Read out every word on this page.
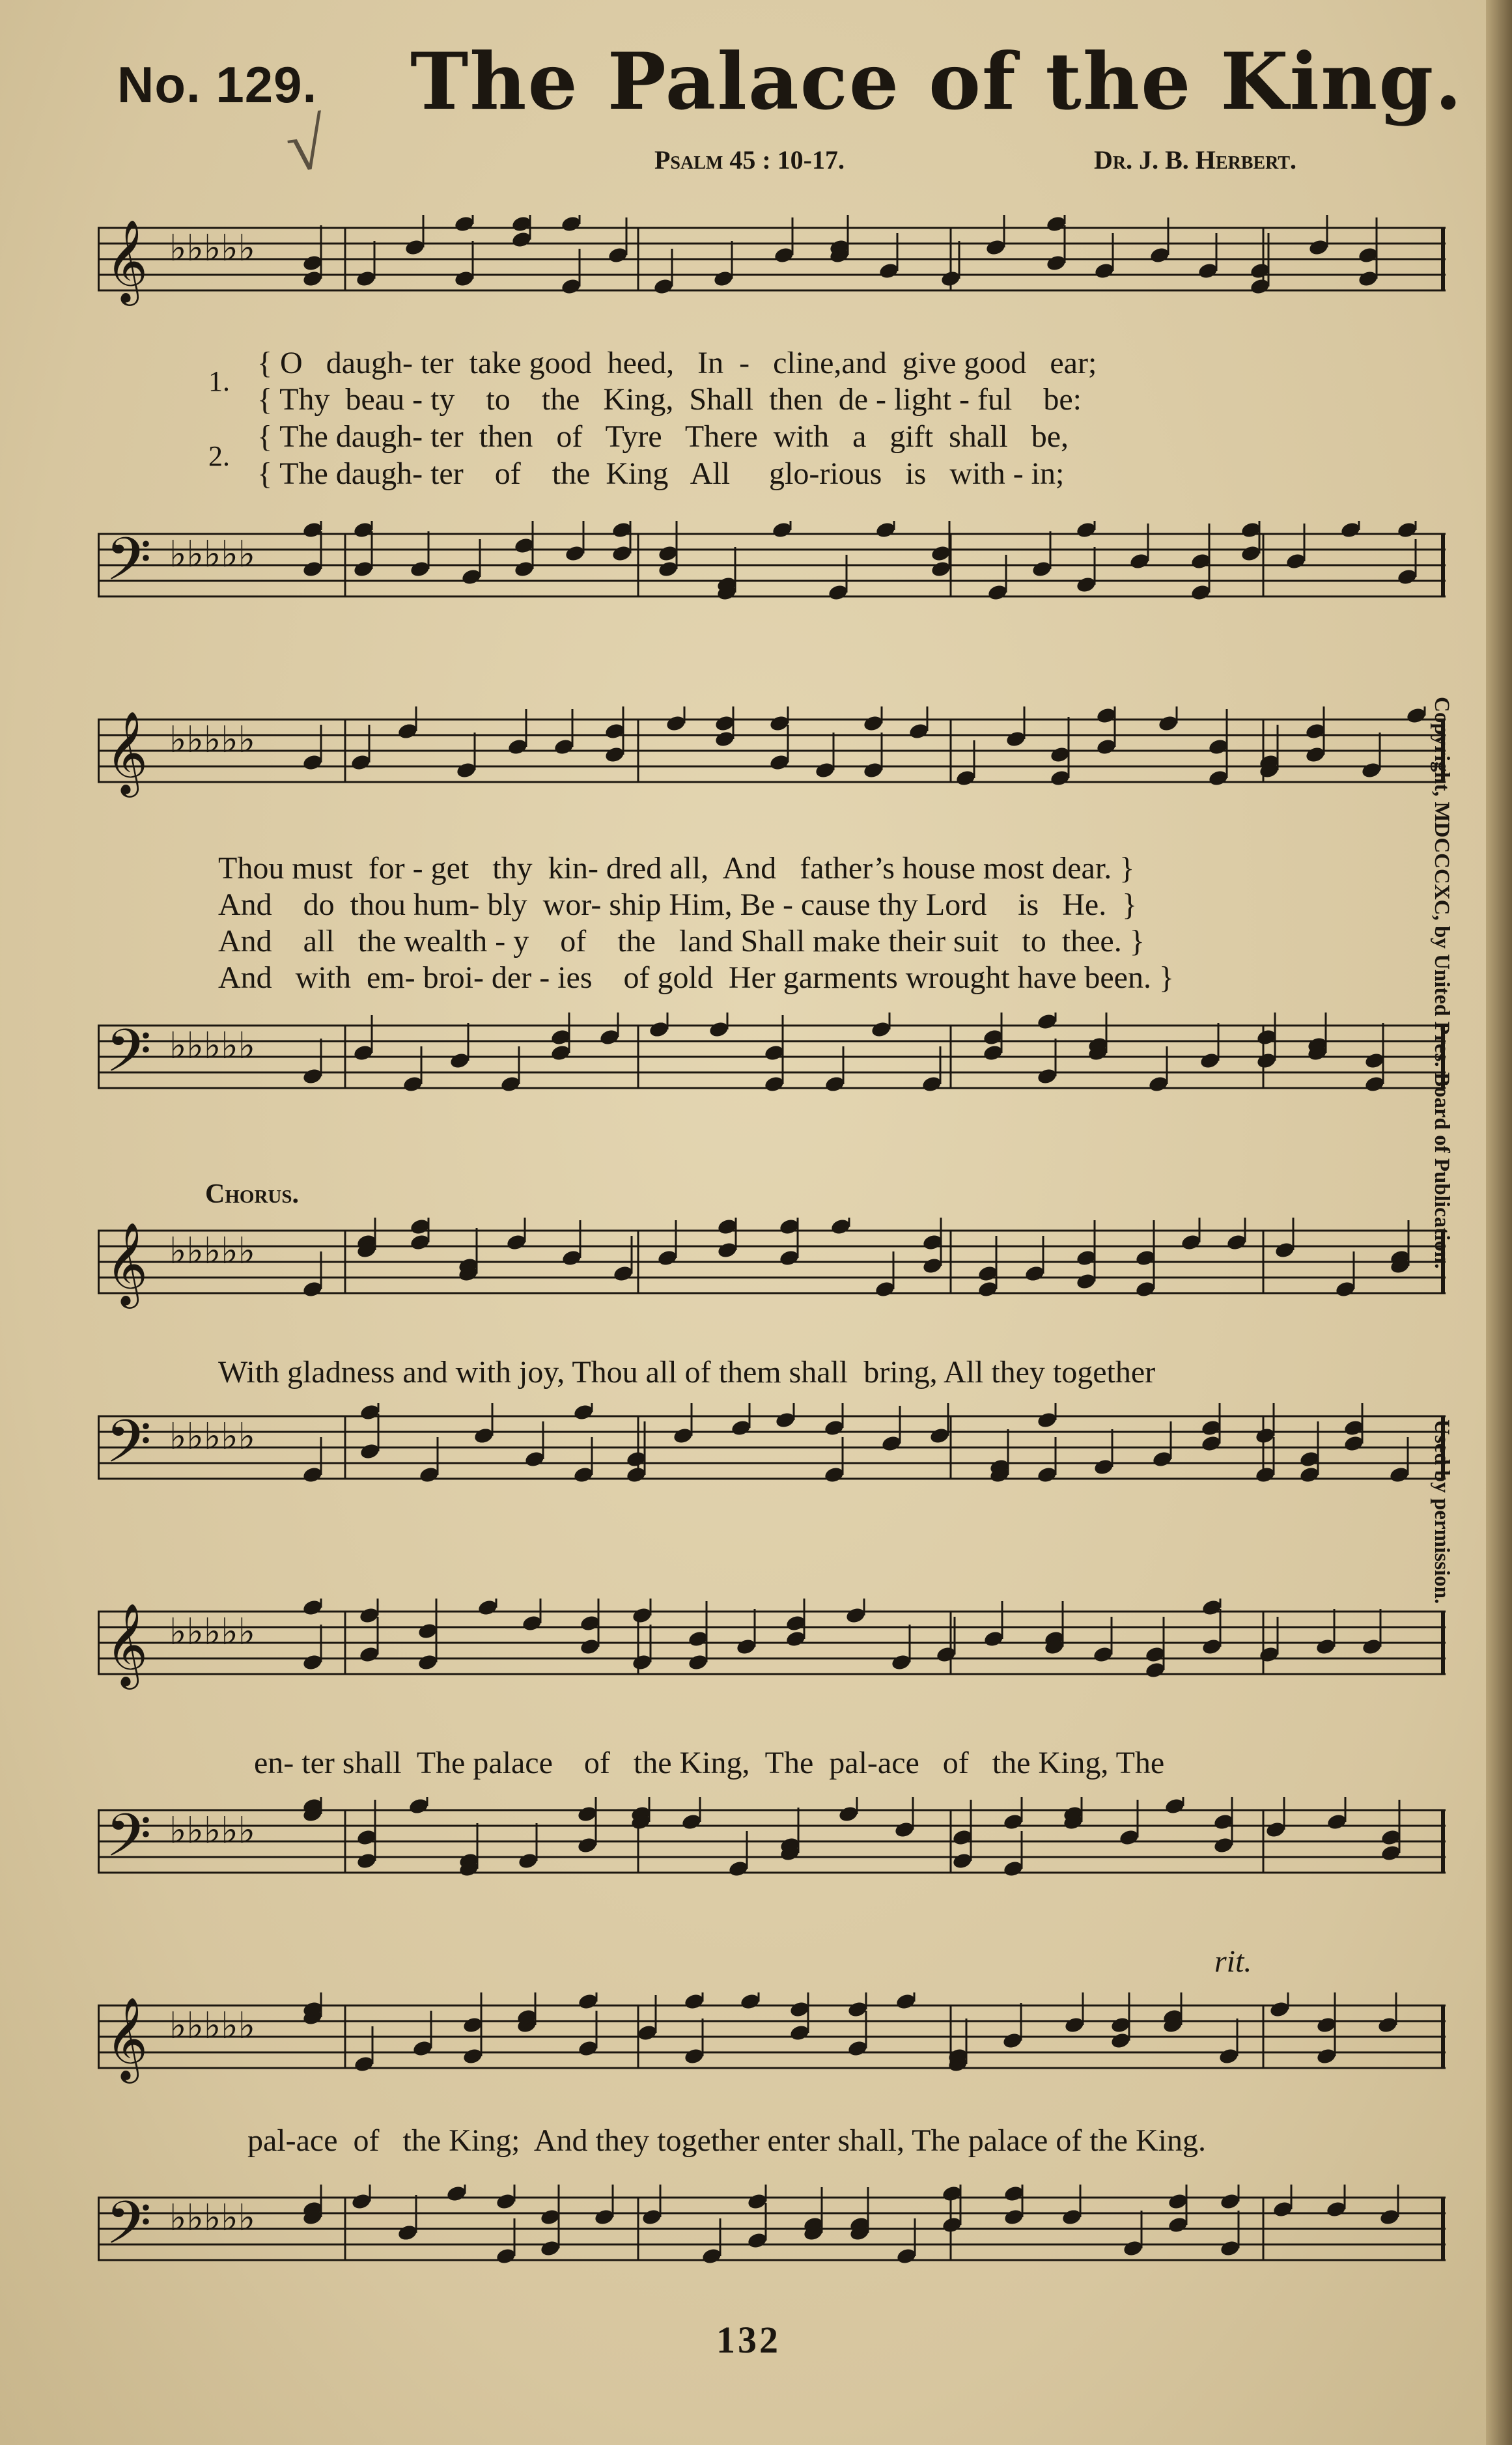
No. 129. The Palace of the King.
√	Psalm 45 : 10-17.	Dr. J. B. Herbert.
𝄞 ♭♭♭♭♭
𝄢 ♭♭♭♭♭
𝄞 ♭♭♭♭♭
𝄢 ♭♭♭♭♭
𝄞 ♭♭♭♭♭
𝄢 ♭♭♭♭♭
𝄞 ♭♭♭♭♭
𝄢 ♭♭♭♭♭
𝄞 ♭♭♭♭♭
𝄢 ♭♭♭♭♭
1.
2.
{ O   daugh- ter  take good  heed,   In  -   cline,and  give good   ear;
{ Thy  beau - ty    to    the   King,  Shall  then  de - light - ful    be:
{ The daugh- ter  then   of   Tyre   There  with   a   gift  shall   be,
{ The daugh- ter    of    the  King   All     glo-rious   is   with - in;
Thou must  for - get   thy  kin- dred all,  And   father’s house most dear. }
And    do  thou hum- bly  wor- ship Him, Be - cause thy Lord    is   He.  }
And    all   the wealth - y    of    the   land Shall make their suit   to  thee. }
And   with  em- broi- der - ies    of gold  Her garments wrought have been. }
Chorus.
With gladness and with joy, Thou all of them shall  bring, All they together
en- ter shall  The palace    of   the King,  The  pal-ace   of   the King, The
rit.
pal-ace  of   the King;  And they together enter shall, The palace of the King.
132
Copyright, MDCCCXC, by United Pres. Board of Publication.
Used by permission.
